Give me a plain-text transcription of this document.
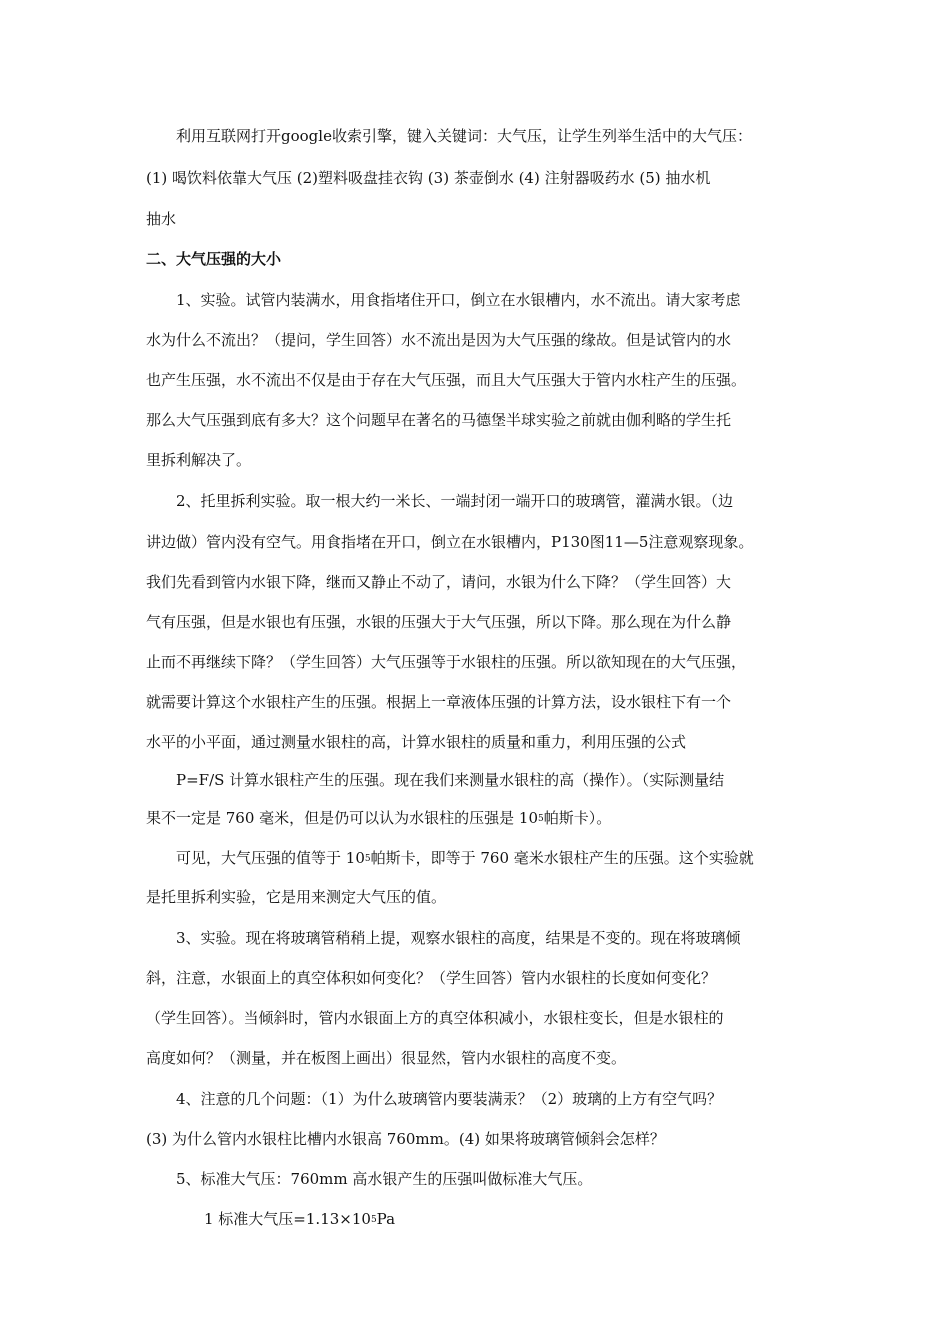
利用互联网打开google收索引擎，键入关键词：大气压，让学生列举生活中的大气压：
(1) 喝饮料依靠大气压 (2)塑料吸盘挂衣钩 (3) 茶壶倒水 (4) 注射器吸药水 (5) 抽水机
抽水
二、大气压强的大小
1、实验。试管内装满水，用食指堵住开口，倒立在水银槽内，水不流出。请大家考虑
水为什么不流出？（提问，学生回答）水不流出是因为大气压强的缘故。但是试管内的水
也产生压强，水不流出不仅是由于存在大气压强，而且大气压强大于管内水柱产生的压强。
那么大气压强到底有多大？这个问题早在著名的马德堡半球实验之前就由伽利略的学生托
里拆利解决了。
2、托里拆利实验。取一根大约一米长、一端封闭一端开口的玻璃管，灌满水银。（边
讲边做）管内没有空气。用食指堵在开口，倒立在水银槽内，P130图11—5注意观察现象。
我们先看到管内水银下降，继而又静止不动了，请问，水银为什么下降？（学生回答）大
气有压强，但是水银也有压强，水银的压强大于大气压强，所以下降。那么现在为什么静
止而不再继续下降？（学生回答）大气压强等于水银柱的压强。所以欲知现在的大气压强，
就需要计算这个水银柱产生的压强。根据上一章液体压强的计算方法，设水银柱下有一个
水平的小平面，通过测量水银柱的高，计算水银柱的质量和重力，利用压强的公式
P=F/S 计算水银柱产生的压强。现在我们来测量水银柱的高（操作）。（实际测量结
果不一定是 760 毫米，但是仍可以认为水银柱的压强是 $10^5$帕斯卡）。
可见，大气压强的值等于 $10^5$帕斯卡，即等于 760 毫米水银柱产生的压强。这个实验就
是托里拆利实验，它是用来测定大气压的值。
3、实验。现在将玻璃管稍稍上提，观察水银柱的高度，结果是不变的。现在将玻璃倾
斜，注意，水银面上的真空体积如何变化？（学生回答）管内水银柱的长度如何变化？
（学生回答）。当倾斜时，管内水银面上方的真空体积减小，水银柱变长，但是水银柱的
高度如何？（测量，并在板图上画出）很显然，管内水银柱的高度不变。
4、注意的几个问题：（1）为什么玻璃管内要装满汞？（2）玻璃的上方有空气吗？
(3) 为什么管内水银柱比槽内水银高 760mm。(4) 如果将玻璃管倾斜会怎样？
5、标准大气压：760mm 高水银产生的压强叫做标准大气压。
1 标准大气压$=1.13\times 10^5Pa$
